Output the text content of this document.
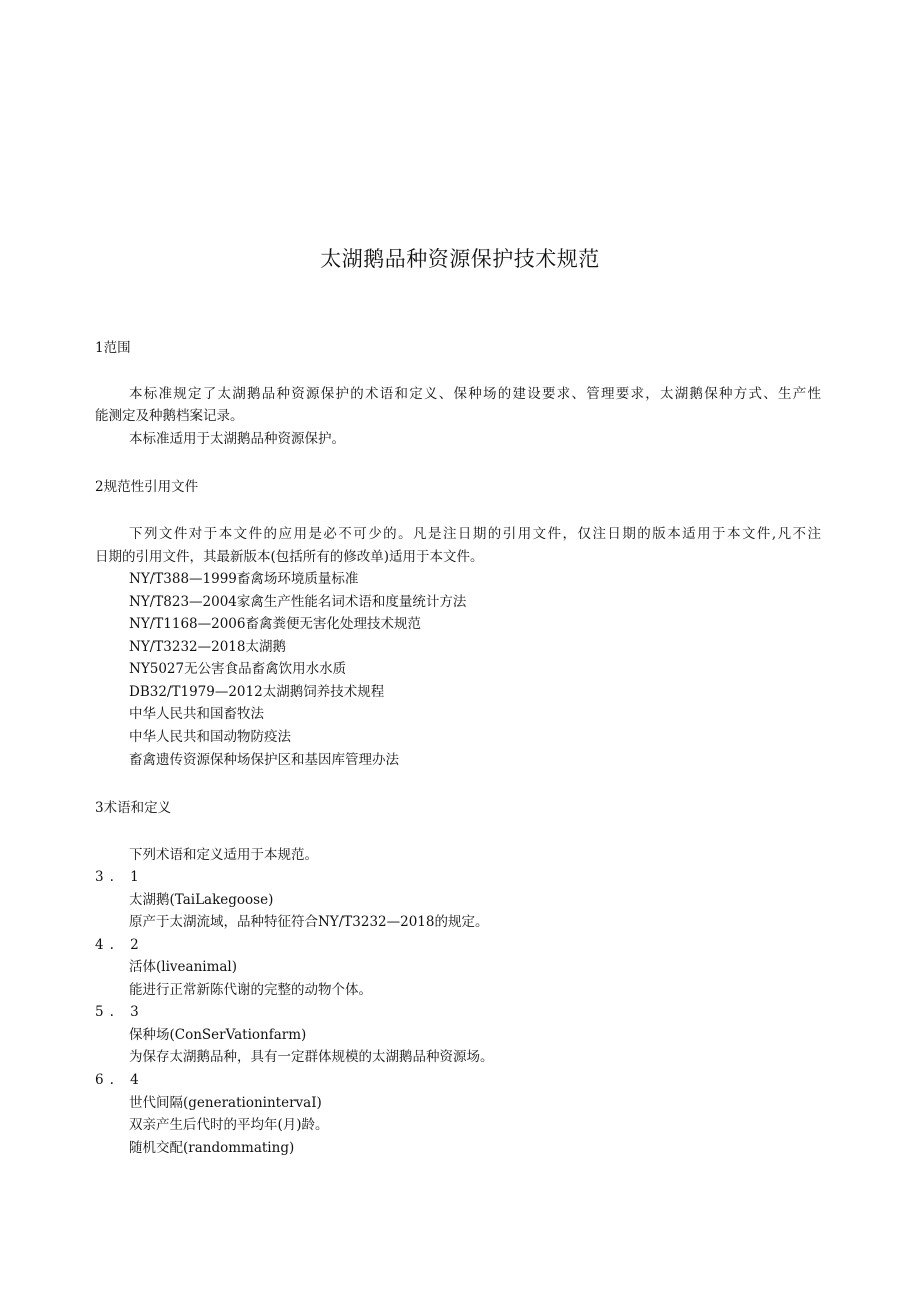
太湖鹅品种资源保护技术规范
1范围
本标准规定了太湖鹅品种资源保护的术语和定义、保种场的建设要求、管理要求，太湖鹅保种方式、生产性
能测定及种鹅档案记录。
本标准适用于太湖鹅品种资源保护。
2规范性引用文件
下列文件对于本文件的应用是必不可少的。凡是注日期的引用文件，仅注日期的版本适用于本文件,凡不注
日期的引用文件，其最新版本(包括所有的修改单)适用于本文件。
NY/T388—1999畜禽场环境质量标准
NY/T823—2004家禽生产性能名词术语和度量统计方法
NY/T1168—2006畜禽粪便无害化处理技术规范
NY/T3232—2018太湖鹅
NY5027无公害食品畜禽饮用水水质
DB32/T1979—2012太湖鹅饲养技术规程
中华人民共和国畜牧法
中华人民共和国动物防疫法
畜禽遗传资源保种场保护区和基因库管理办法
3术语和定义
下列术语和定义适用于本规范。
3. 1
太湖鹅(TaiLakegoose)
原产于太湖流域，品种特征符合NY/T3232—2018的规定。
4. 2
活体(liveanimal)
能进行正常新陈代谢的完整的动物个体。
5. 3
保种场(ConSerVationfarm)
为保存太湖鹅品种，具有一定群体规模的太湖鹅品种资源场。
6. 4
世代间隔(generationintervaI)
双亲产生后代时的平均年(月)龄。
随机交配(randommating)
